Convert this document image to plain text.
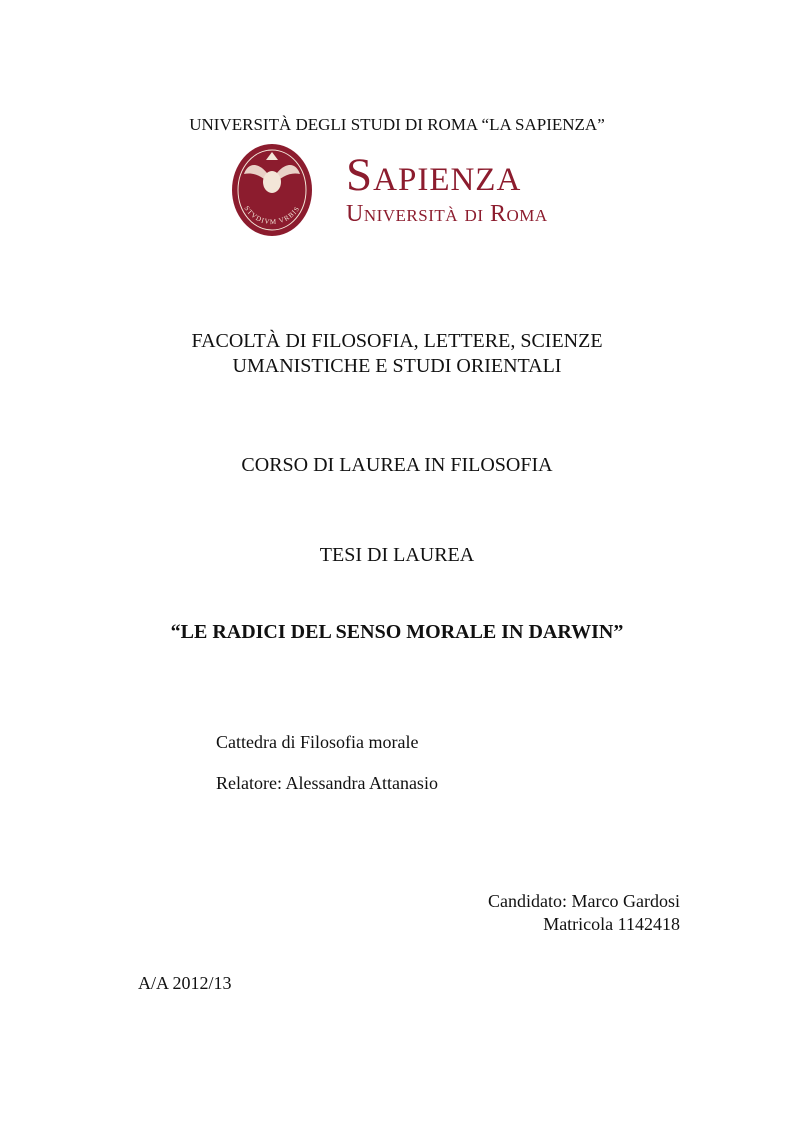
UNIVERSITÀ DEGLI STUDI DI ROMA “LA SAPIENZA”
STVDIVM VRBIS
Sapienza
Università di Roma
FACOLTÀ DI FILOSOFIA, LETTERE, SCIENZE
UMANISTICHE E STUDI ORIENTALI
CORSO DI LAUREA IN FILOSOFIA
TESI DI LAUREA
“LE RADICI DEL SENSO MORALE IN DARWIN”
Cattedra di Filosofia morale
Relatore: Alessandra Attanasio
Candidato: Marco Gardosi
Matricola 1142418
A/A 2012/13
